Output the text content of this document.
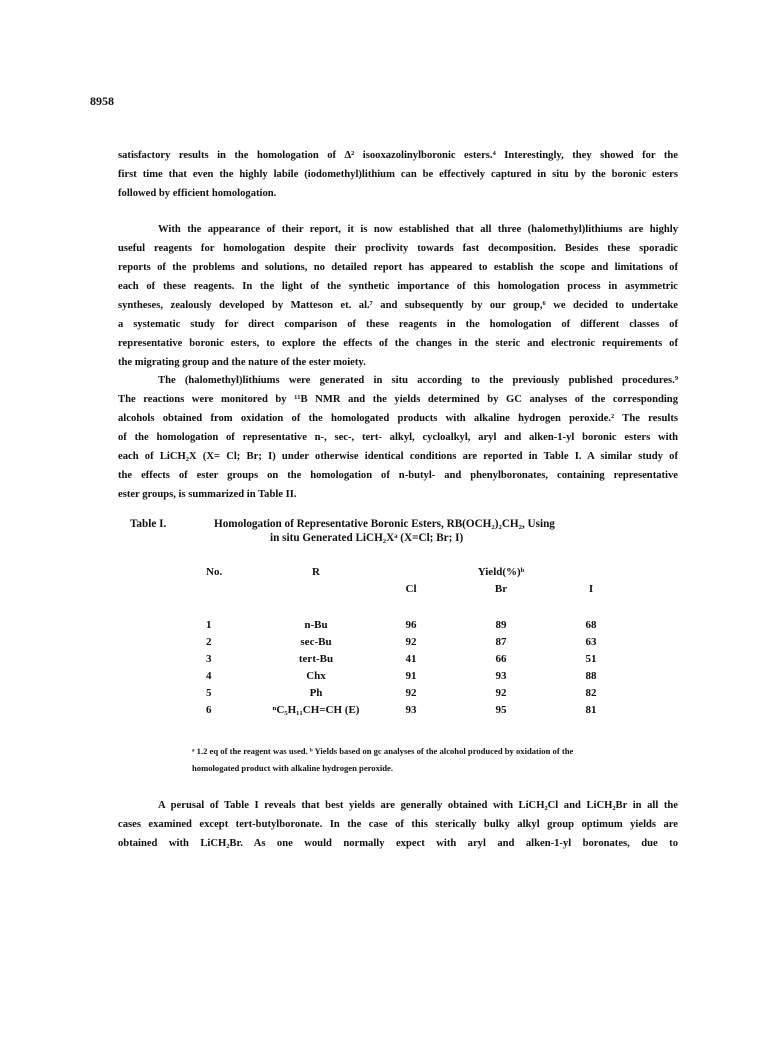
8958
satisfactory results in the homologation of Δ² isooxazolinylboronic esters.⁴ Interestingly, they showed for the
first time that even the highly labile (iodomethyl)lithium can be effectively captured in situ by the boronic esters
followed by efficient homologation.
With the appearance of their report, it is now established that all three (halomethyl)lithiums are highly
useful reagents for homologation despite their proclivity towards fast decomposition. Besides these sporadic
reports of the problems and solutions, no detailed report has appeared to establish the scope and limitations of
each of these reagents. In the light of the synthetic importance of this homologation process in asymmetric
syntheses, zealously developed by Matteson et. al.⁷ and subsequently by our group,⁶ we decided to undertake
a systematic study for direct comparison of these reagents in the homologation of different classes of
representative boronic esters, to explore the effects of the changes in the steric and electronic requirements of
the migrating group and the nature of the ester moiety.
The (halomethyl)lithiums were generated in situ according to the previously published procedures.⁹
The reactions were monitored by ¹¹B NMR and the yields determined by GC analyses of the corresponding
alcohols obtained from oxidation of the homologated products with alkaline hydrogen peroxide.² The results
of the homologation of representative n-, sec-, tert- alkyl, cycloalkyl, aryl and alken-1-yl boronic esters with
each of LiCH₂X (X= Cl; Br; I) under otherwise identical conditions are reported in Table I. A similar study of
the effects of ester groups on the homologation of n-butyl- and phenylboronates, containing representative
ester groups, is summarized in Table II.
Table I.	Homologation of Representative Boronic Esters, RB(OCH₂)₂CH₂, Using
in situ Generated LiCH₂Xᵃ (X=Cl; Br; I)
No.	R		Yield(%)ᵇ	
		Cl	Br	I

1	n-Bu	96	89	68
2	sec-Bu	92	87	63
3	tert-Bu	41	66	51
4	Chx	91	93	88
5	Ph	92	92	82
6	ⁿC₅H₁₁CH=CH (E)	93	95	81
ᵃ 1.2 eq of the reagent was used. ᵇ Yields based on gc analyses of the alcohol produced by oxidation of the
homologated product with alkaline hydrogen peroxide.
A perusal of Table I reveals that best yields are generally obtained with LiCH₂Cl and LiCH₂Br in all the
cases examined except tert-butylboronate. In the case of this sterically bulky alkyl group optimum yields are
obtained with LiCH₂Br. As one would normally expect with aryl and alken-1-yl boronates, due to
